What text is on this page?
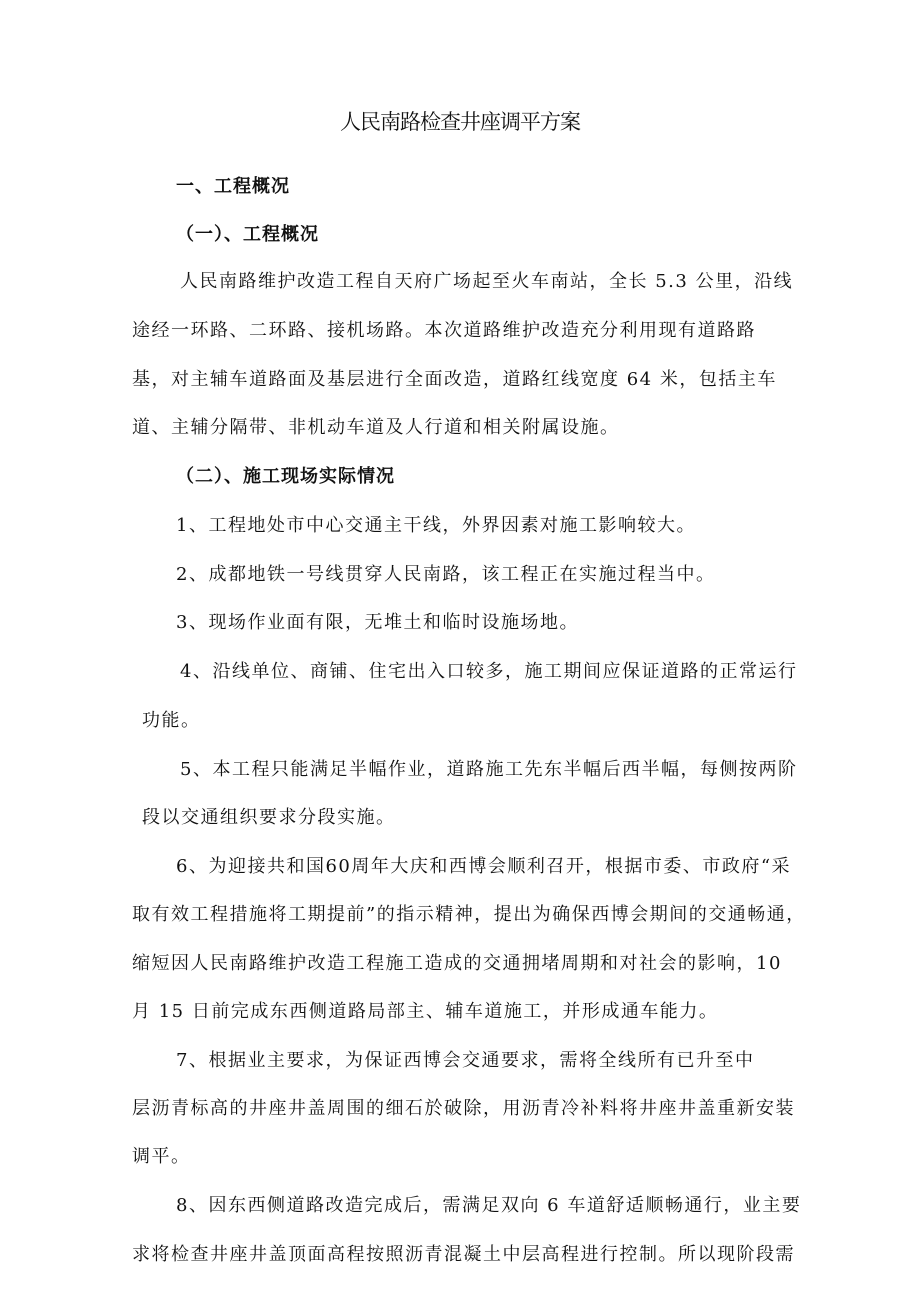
人民南路检查井座调平方案
一、工程概况
（一）、工程概况

人民南路维护改造工程自天府广场起至火车南站，全长 5.3 公里，沿线

途经一环路、二环路、接机场路。本次道路维护改造充分利用现有道路路

基，对主辅车道路面及基层进行全面改造，道路红线宽度 64 米，包括主车

道、主辅分隔带、非机动车道及人行道和相关附属设施。

（二）、施工现场实际情况

1、工程地处市中心交通主干线，外界因素对施工影响较大。

2、成都地铁一号线贯穿人民南路，该工程正在实施过程当中。

3、现场作业面有限，无堆土和临时设施场地。

4、沿线单位、商铺、住宅出入口较多，施工期间应保证道路的正常运行

功能。

5、本工程只能满足半幅作业，道路施工先东半幅后西半幅，每侧按两阶

段以交通组织要求分段实施。

6、为迎接共和国60周年大庆和西博会顺利召开，根据市委、市政府“采

取有效工程措施将工期提前”的指示精神，提出为确保西博会期间的交通畅通，

缩短因人民南路维护改造工程施工造成的交通拥堵周期和对社会的影响，10

月 15 日前完成东西侧道路局部主、辅车道施工，并形成通车能力。

7、根据业主要求，为保证西博会交通要求，需将全线所有已升至中

层沥青标高的井座井盖周围的细石於破除，用沥青冷补料将井座井盖重新安装

调平。

8、因东西侧道路改造完成后，需满足双向 6 车道舒适顺畅通行，业主要

求将检查井座井盖顶面高程按照沥青混凝土中层高程进行控制。所以现阶段需
